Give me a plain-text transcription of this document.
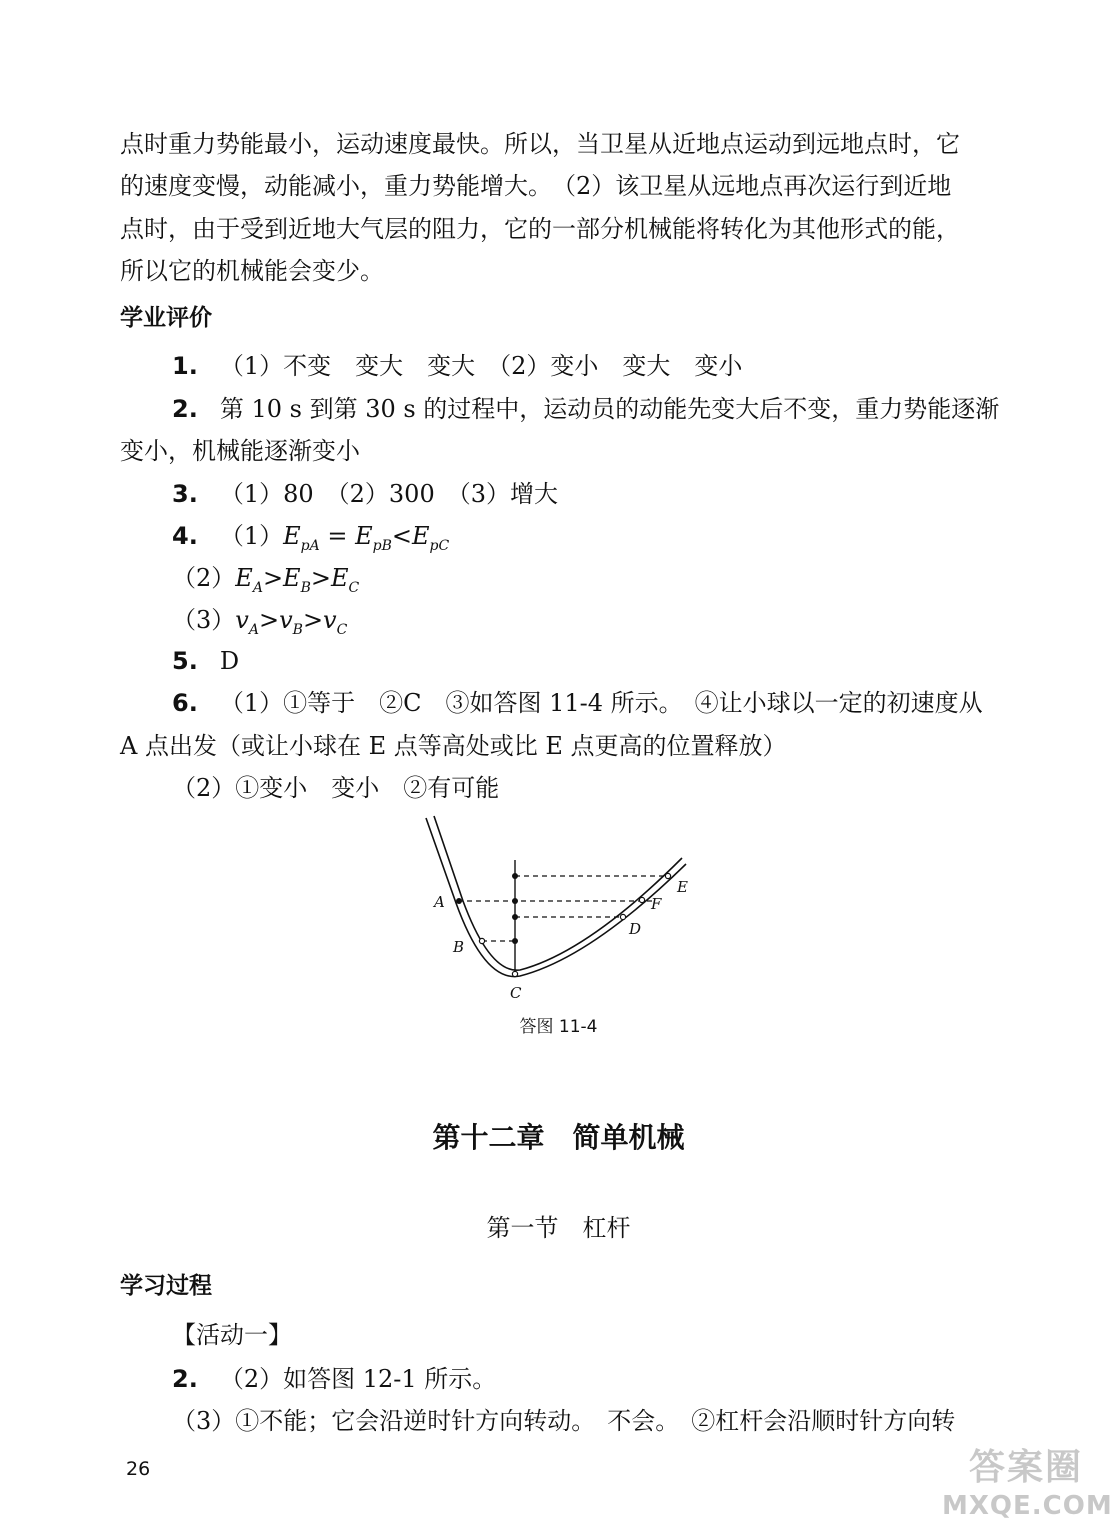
点时重力势能最小，运动速度最快。所以，当卫星从近地点运动到远地点时，它
的速度变慢，动能减小，重力势能增大。　（2）该卫星从远地点再次运行到近地
点时，由于受到近地大气层的阻力，它的一部分机械能将转化为其他形式的能，
所以它的机械能会变少。
学业评价
1. （1）不变　变大　变大　（2）变小　变大　变小
2. 第 10 s 到第 30 s 的过程中，运动员的动能先变大后不变，重力势能逐渐
变小，机械能逐渐变小
3. （1）80　（2）300　（3）增大
4. $(1)E_{pA} = E_{pB}<E_{pC}$
$(2)E_A>E_B>E_C$
$(3)v_A>v_B>v_C$
5. D
6. （1）①等于　②C　③如答图 11-4 所示。　④让小球以一定的初速度从
A 点出发（或让小球在 E 点等高处或比 E 点更高的位置释放）
（2）①变小　变小　②有可能
A
B
C
D
F
E
答图 11-4
第十二章　简单机械
第一节　杠杆
学习过程
【活动一】
2. （2）如答图 12-1 所示。
（3）①不能；它会沿逆时针方向转动。　不会。　②杠杆会沿顺时针方向转
26	答案圈
MXQE.COM
